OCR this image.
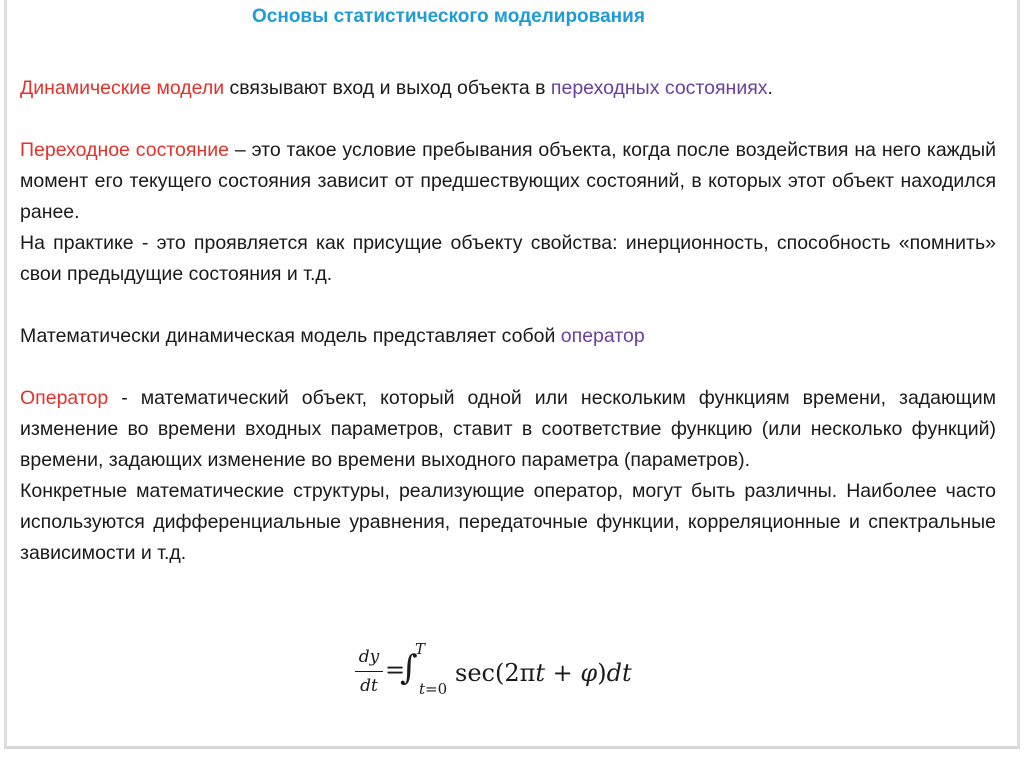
Основы статистического моделирования

Динамические модели связывают вход и выход объекта в переходных состояниях.

Переходное состояние – это такое условие пребывания объекта, когда после воздействия на него каждый момент его текущего состояния зависит от предшествующих состояний, в которых этот объект находился ранее.

На практике - это проявляется как присущие объекту свойства: инерционность, способность «помнить» свои предыдущие состояния и т.д.

Математически динамическая модель представляет собой оператор

Оператор - математический объект, который одной или нескольким функциям времени, задающим изменение во времени входных параметров, ставит в соответствие функцию (или несколько функций) времени, задающих изменение во времени выходного параметра (параметров).

Конкретные математические структуры, реализующие оператор, могут быть различны. Наиболее часто используются дифференциальные уравнения, передаточные функции, корреляционные и спектральные зависимости и т.д.

$\frac{dy}{dt}$ =
∫
T
t=0
sec(2πt + φ)dt
